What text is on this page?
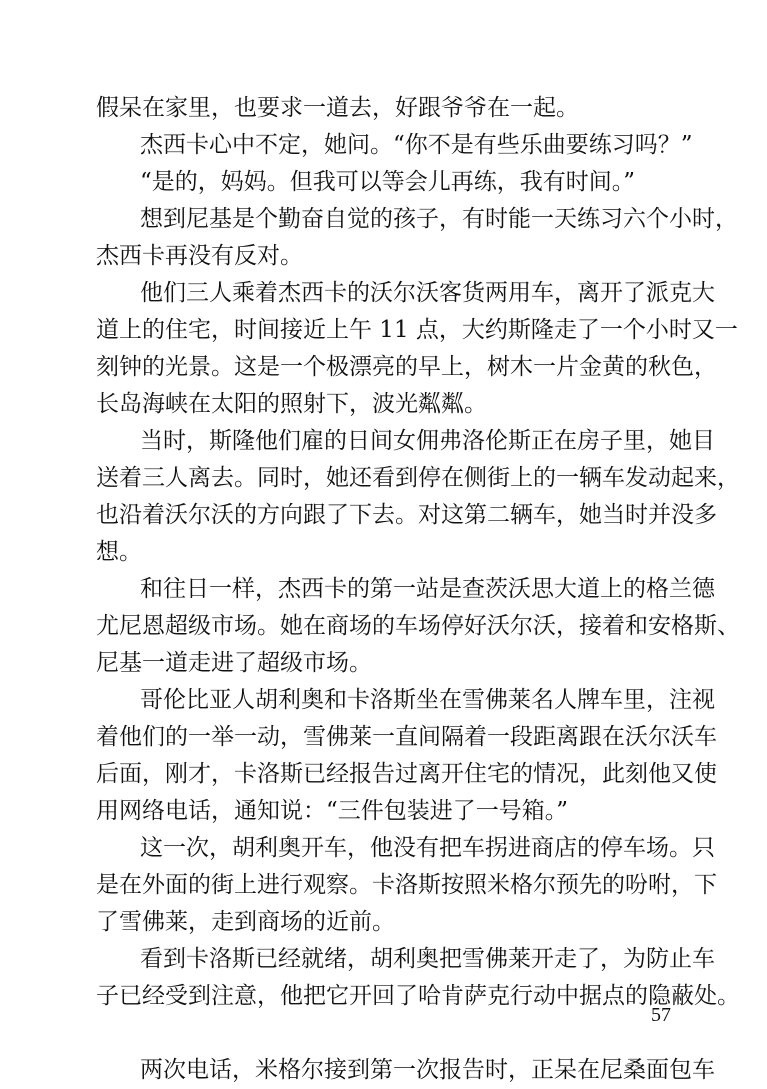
假呆在家里，也要求一道去，好跟爷爷在一起。
杰西卡心中不定，她问。“你不是有些乐曲要练习吗？”
“是的，妈妈。但我可以等会儿再练，我有时间。”
想到尼基是个勤奋自觉的孩子，有时能一天练习六个小时，
杰西卡再没有反对。
他们三人乘着杰西卡的沃尔沃客货两用车，离开了派克大
道上的住宅，时间接近上午 11 点，大约斯隆走了一个小时又一
刻钟的光景。这是一个极漂亮的早上，树木一片金黄的秋色，
长岛海峡在太阳的照射下，波光粼粼。
当时，斯隆他们雇的日间女佣弗洛伦斯正在房子里，她目
送着三人离去。同时，她还看到停在侧街上的一辆车发动起来，
也沿着沃尔沃的方向跟了下去。对这第二辆车，她当时并没多
想。
和往日一样，杰西卡的第一站是查茨沃思大道上的格兰德
尤尼恩超级市场。她在商场的车场停好沃尔沃，接着和安格斯、
尼基一道走进了超级市场。
哥伦比亚人胡利奥和卡洛斯坐在雪佛莱名人牌车里，注视
着他们的一举一动，雪佛莱一直间隔着一段距离跟在沃尔沃车
后面，刚才，卡洛斯已经报告过离开住宅的情况，此刻他又使
用网络电话，通知说：“三件包装进了一号箱。”
这一次，胡利奥开车，他没有把车拐进商店的停车场。只
是在外面的街上进行观察。卡洛斯按照米格尔预先的吩咐，下
了雪佛莱，走到商场的近前。
看到卡洛斯已经就绪，胡利奥把雪佛莱开走了，为防止车
子已经受到注意，他把它开回了哈肯萨克行动中据点的隐蔽处。
两次电话，米格尔接到第一次报告时，正呆在尼桑面包车
57
